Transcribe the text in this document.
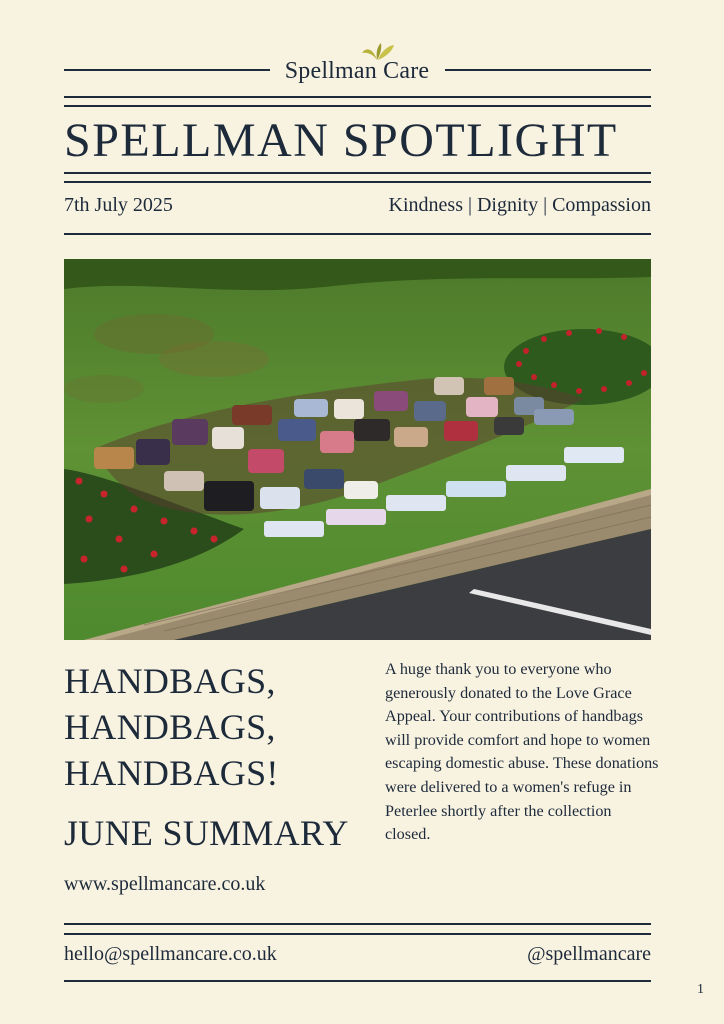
Spellman Care
SPELLMAN SPOTLIGHT
7th July 2025	Kindness | Dignity | Compassion
HANDBAGS,
HANDBAGS,
HANDBAGS!
JUNE SUMMARY
www.spellmancare.co.uk
A huge thank you to everyone who generously donated to the Love Grace Appeal. Your contributions of handbags will provide comfort and hope to women escaping domestic abuse. These donations were delivered to a women's refuge in Peterlee shortly after the collection closed.
hello@spellmancare.co.uk	@spellmancare
1
